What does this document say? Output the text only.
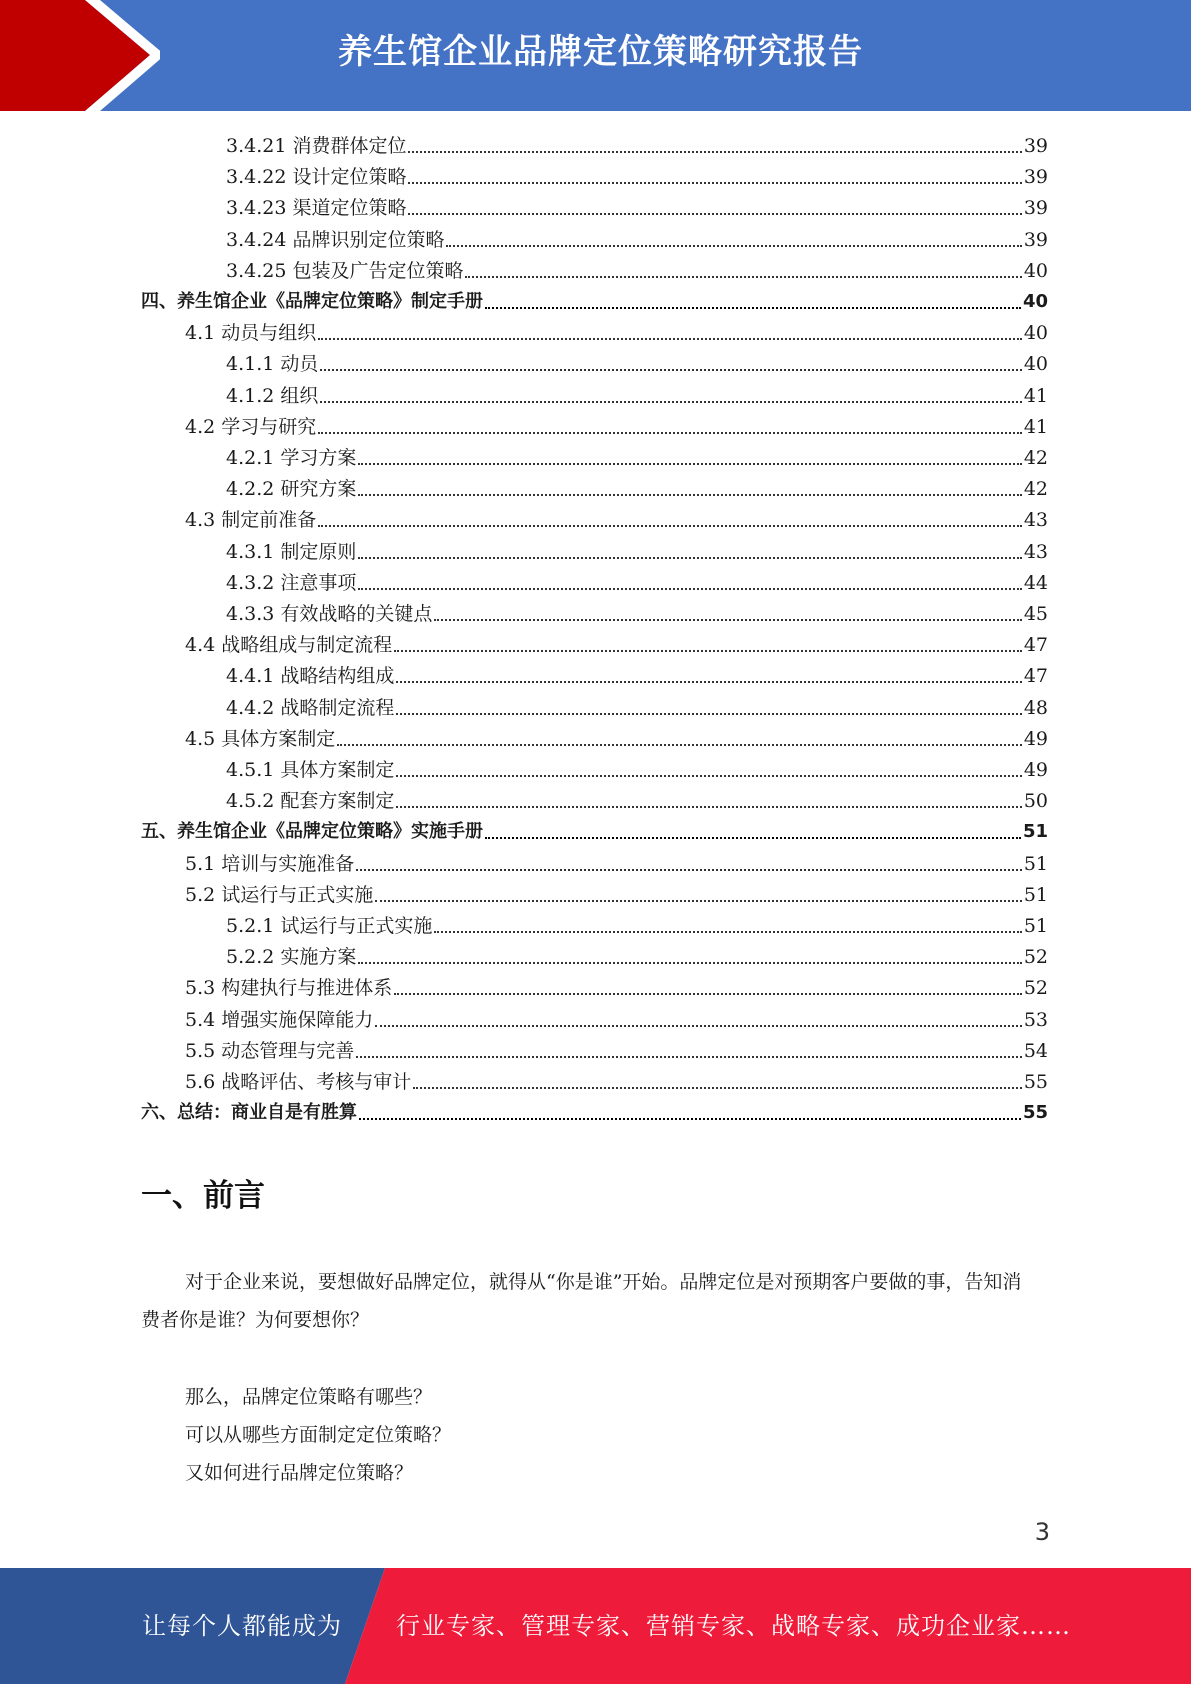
养生馆企业品牌定位策略研究报告
3.4.21 消费群体定位	39
3.4.22 设计定位策略	39
3.4.23 渠道定位策略	39
3.4.24 品牌识别定位策略	39
3.4.25 包装及广告定位策略	40
四、养生馆企业《品牌定位策略》制定手册	40
4.1 动员与组织	40
4.1.1 动员	40
4.1.2 组织	41
4.2 学习与研究	41
4.2.1 学习方案	42
4.2.2 研究方案	42
4.3 制定前准备	43
4.3.1 制定原则	43
4.3.2 注意事项	44
4.3.3 有效战略的关键点	45
4.4 战略组成与制定流程	47
4.4.1 战略结构组成	47
4.4.2 战略制定流程	48
4.5 具体方案制定	49
4.5.1 具体方案制定	49
4.5.2 配套方案制定	50
五、养生馆企业《品牌定位策略》实施手册	51
5.1 培训与实施准备	51
5.2 试运行与正式实施	51
5.2.1 试运行与正式实施	51
5.2.2 实施方案	52
5.3 构建执行与推进体系	52
5.4 增强实施保障能力	53
5.5 动态管理与完善	54
5.6 战略评估、考核与审计	55
六、总结：商业自是有胜算	55
一、前言

对于企业来说，要想做好品牌定位，就得从“你是谁”开始。品牌定位是对预期客户要做的事，告知消费者你是谁？为何要想你？

那么，品牌定位策略有哪些？

可以从哪些方面制定定位策略？

又如何进行品牌定位策略？

3
让每个人都能成为 行业专家、管理专家、营销专家、战略专家、成功企业家……
